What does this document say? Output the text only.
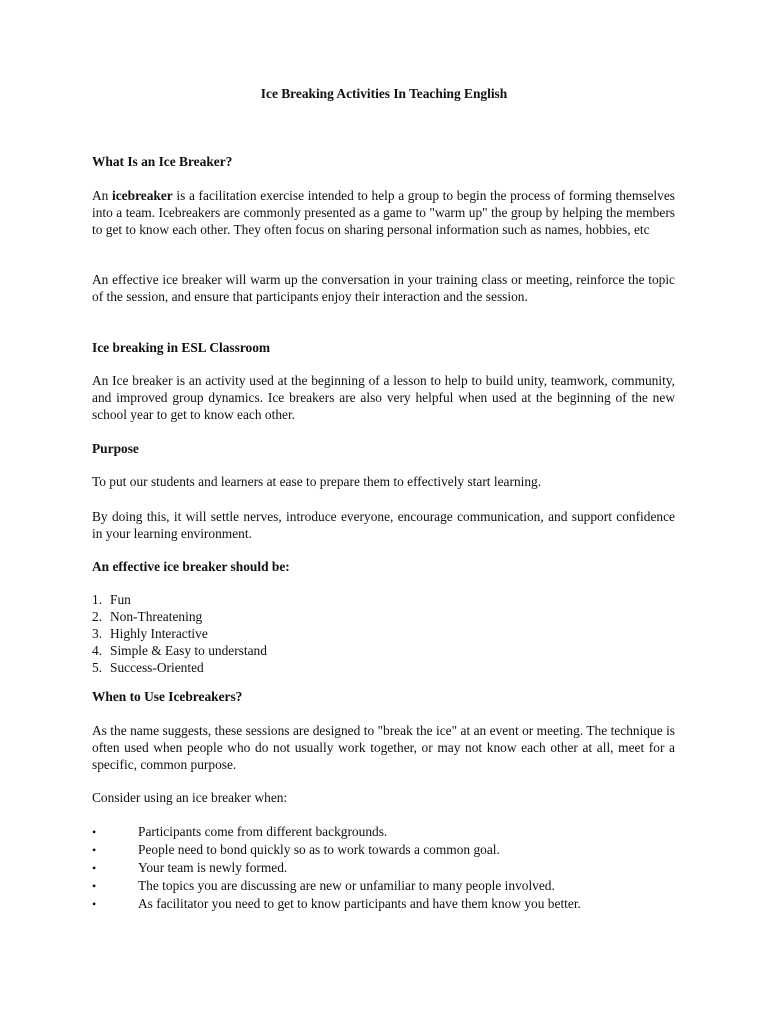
Ice Breaking Activities In Teaching English
What Is an Ice Breaker?

An icebreaker is a facilitation exercise intended to help a group to begin the process of forming themselves into a team. Icebreakers are commonly presented as a game to "warm up" the group by helping the members to get to know each other. They often focus on sharing personal information such as names, hobbies, etc

An effective ice breaker will warm up the conversation in your training class or meeting, reinforce the topic of the session, and ensure that participants enjoy their interaction and the session.

Ice breaking in ESL Classroom

An Ice breaker is an activity used at the beginning of a lesson to help to build unity, teamwork, community, and improved group dynamics. Ice breakers are also very helpful when used at the beginning of the new school year to get to know each other.

Purpose

To put our students and learners at ease to prepare them to effectively start learning.

By doing this, it will settle nerves, introduce everyone, encourage communication, and support confidence in your learning environment.

An effective ice breaker should be:
1. Fun
2. Non-Threatening
3. Highly Interactive
4. Simple & Easy to understand
5. Success-Oriented
When to Use Icebreakers?

As the name suggests, these sessions are designed to "break the ice" at an event or meeting. The technique is often used when people who do not usually work together, or may not know each other at all, meet for a specific, common purpose.

Consider using an ice breaker when:

•	Participants come from different backgrounds.
•	People need to bond quickly so as to work towards a common goal.
•	Your team is newly formed.
•	The topics you are discussing are new or unfamiliar to many people involved.
•	As facilitator you need to get to know participants and have them know you better.
